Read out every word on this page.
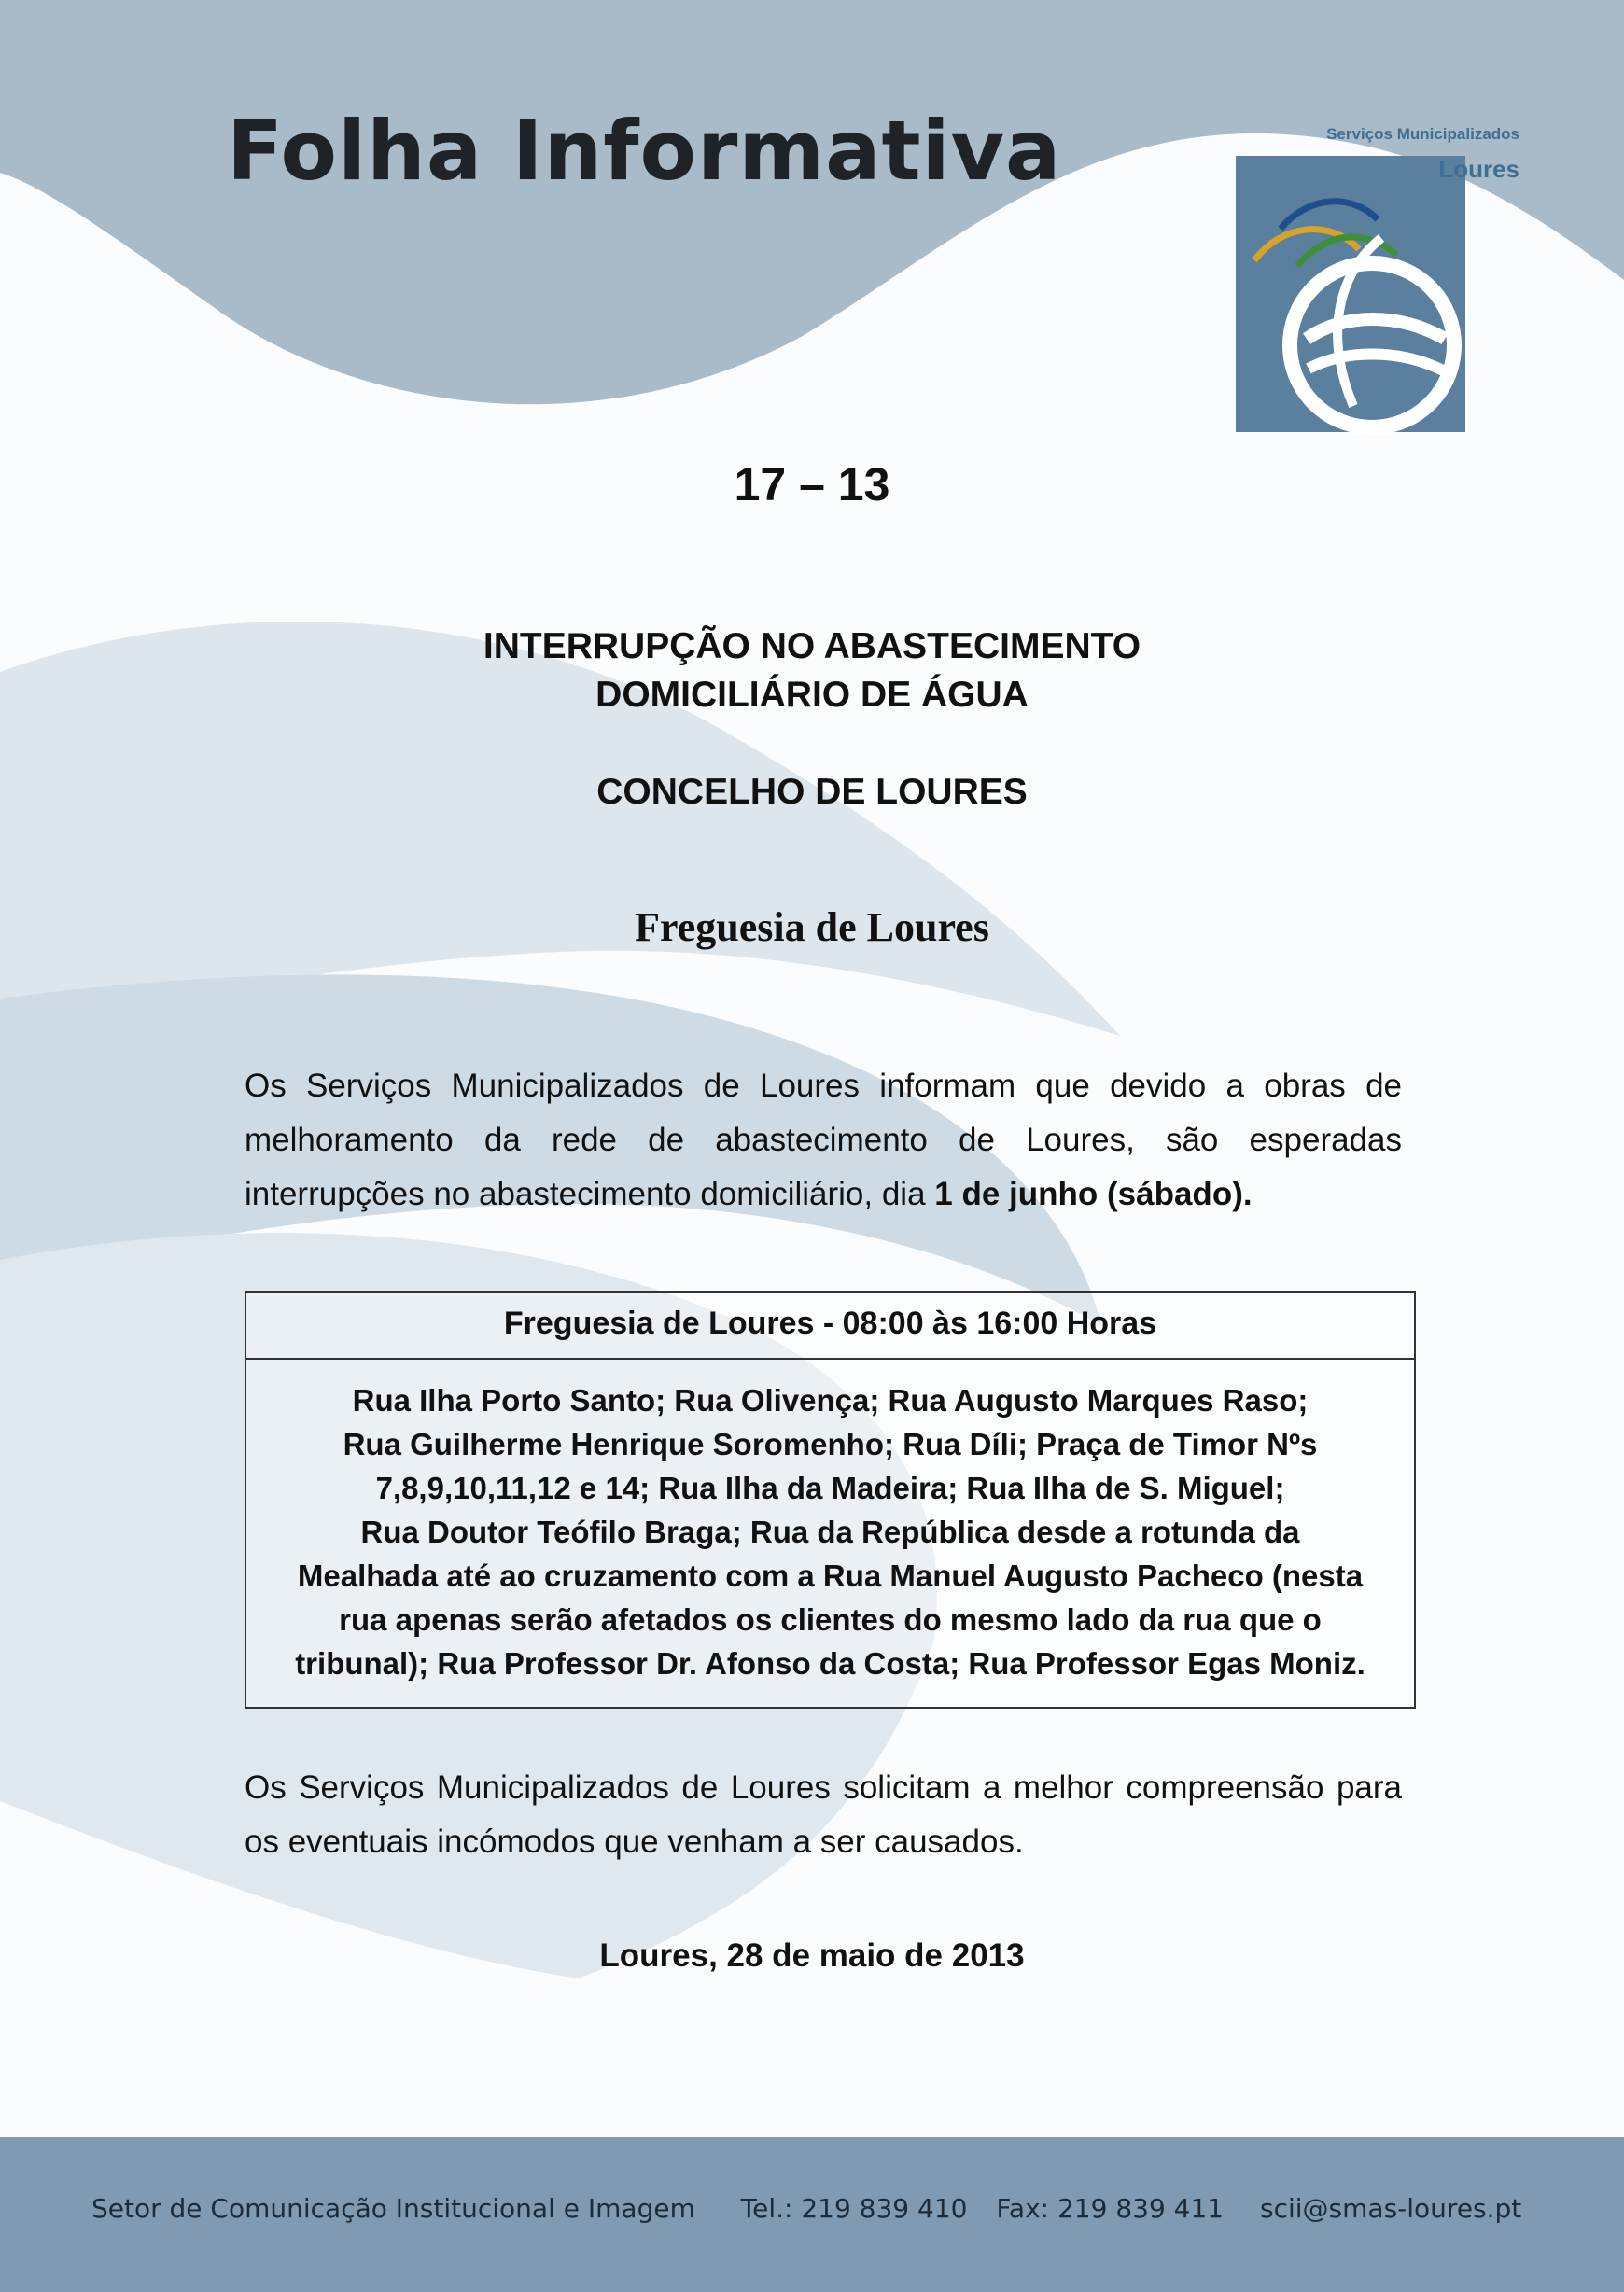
Folha Informativa	Serviços Municipalizados
Loures
17 – 13
INTERRUPÇÃO NO ABASTECIMENTO
DOMICILIÁRIO DE ÁGUA
CONCELHO DE LOURES
Freguesia de Loures

Os Serviços Municipalizados de Loures informam que devido a obras de melhoramento da rede de abastecimento de Loures, são esperadas interrupções no abastecimento domiciliário, dia 1 de junho (sábado).

Freguesia de Loures - 08:00 às 16:00 Horas
Rua Ilha Porto Santo; Rua Olivença; Rua Augusto Marques Raso;
Rua Guilherme Henrique Soromenho; Rua Díli; Praça de Timor Nºs
7,8,9,10,11,12 e 14; Rua Ilha da Madeira; Rua Ilha de S. Miguel;
Rua Doutor Teófilo Braga; Rua da República desde a rotunda da
Mealhada até ao cruzamento com a Rua Manuel Augusto Pacheco (nesta
rua apenas serão afetados os clientes do mesmo lado da rua que o
tribunal); Rua Professor Dr. Afonso da Costa; Rua Professor Egas Moniz.

Os Serviços Municipalizados de Loures solicitam a melhor compreensão para os eventuais incómodos que venham a ser causados.

Loures, 28 de maio de 2013
Setor de Comunicação Institucional e Imagem Tel.: 219 839 410 Fax: 219 839 411 scii@smas-loures.pt
